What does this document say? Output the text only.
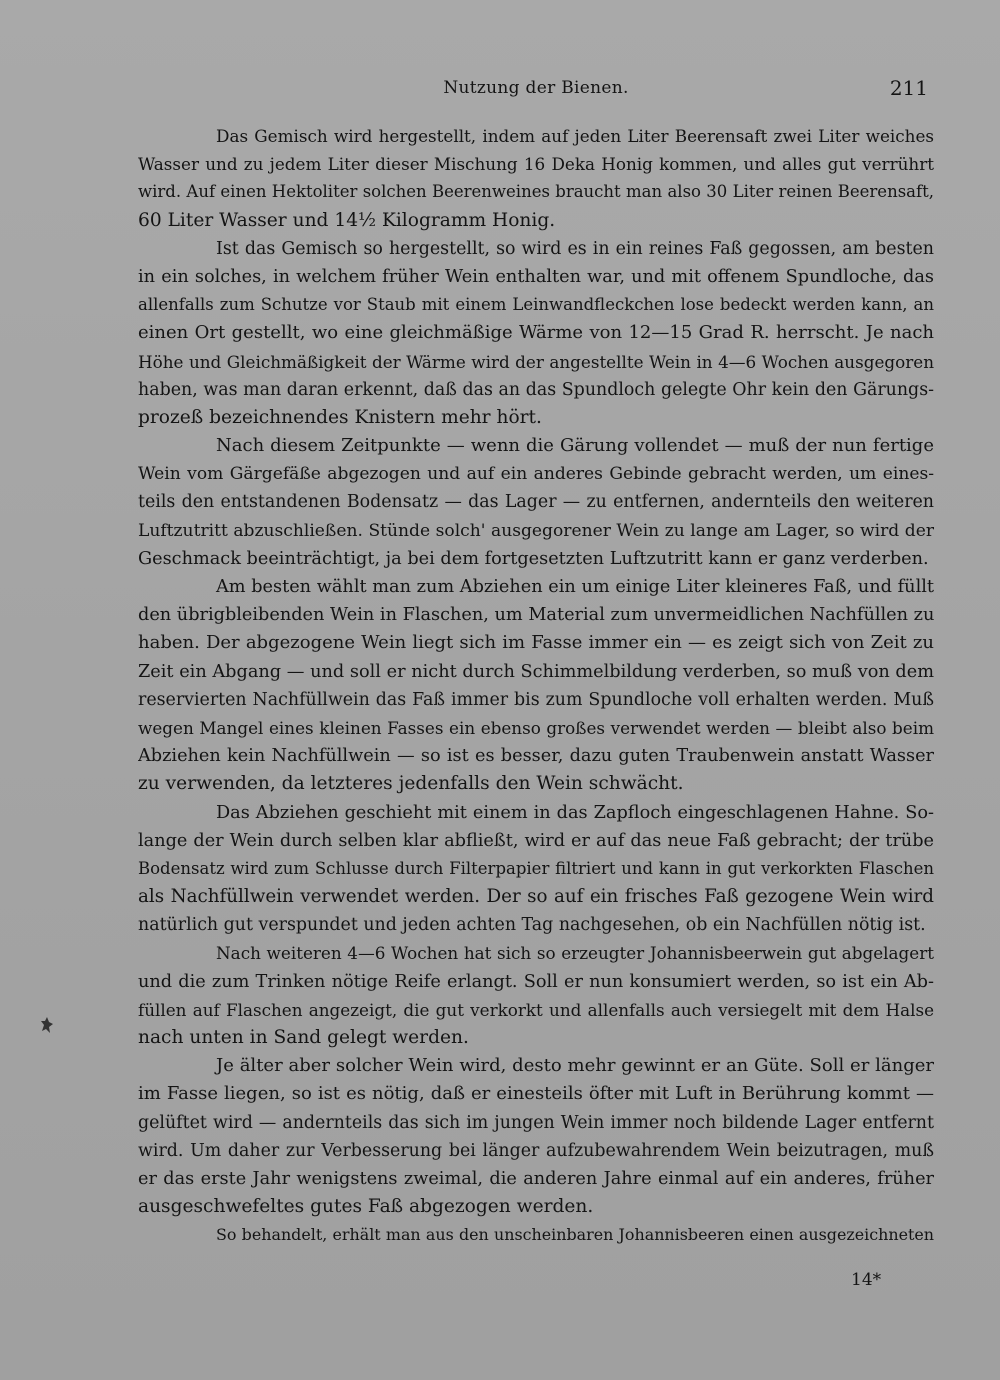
Nutzung der Bienen.	211
Das Gemisch wird hergestellt, indem auf jeden Liter Beerensaft zwei Liter weiches
Wasser und zu jedem Liter dieser Mischung 16 Deka Honig kommen, und alles gut verrührt
wird. Auf einen Hektoliter solchen Beerenweines braucht man also 30 Liter reinen Beerensaft,
60 Liter Wasser und 14½ Kilogramm Honig.
Ist das Gemisch so hergestellt, so wird es in ein reines Faß gegossen, am besten
in ein solches, in welchem früher Wein enthalten war, und mit offenem Spundloche, das
allenfalls zum Schutze vor Staub mit einem Leinwandfleckchen lose bedeckt werden kann, an
einen Ort gestellt, wo eine gleichmäßige Wärme von 12—15 Grad R. herrscht. Je nach
Höhe und Gleichmäßigkeit der Wärme wird der angestellte Wein in 4—6 Wochen ausgegoren
haben, was man daran erkennt, daß das an das Spundloch gelegte Ohr kein den Gärungs-
prozeß bezeichnendes Knistern mehr hört.
Nach diesem Zeitpunkte — wenn die Gärung vollendet — muß der nun fertige
Wein vom Gärgefäße abgezogen und auf ein anderes Gebinde gebracht werden, um eines-
teils den entstandenen Bodensatz — das Lager — zu entfernen, andernteils den weiteren
Luftzutritt abzuschließen. Stünde solch' ausgegorener Wein zu lange am Lager, so wird der
Geschmack beeinträchtigt, ja bei dem fortgesetzten Luftzutritt kann er ganz verderben.
Am besten wählt man zum Abziehen ein um einige Liter kleineres Faß, und füllt
den übrigbleibenden Wein in Flaschen, um Material zum unvermeidlichen Nachfüllen zu
haben. Der abgezogene Wein liegt sich im Fasse immer ein — es zeigt sich von Zeit zu
Zeit ein Abgang — und soll er nicht durch Schimmelbildung verderben, so muß von dem
reservierten Nachfüllwein das Faß immer bis zum Spundloche voll erhalten werden. Muß
wegen Mangel eines kleinen Fasses ein ebenso großes verwendet werden — bleibt also beim
Abziehen kein Nachfüllwein — so ist es besser, dazu guten Traubenwein anstatt Wasser
zu verwenden, da letzteres jedenfalls den Wein schwächt.
Das Abziehen geschieht mit einem in das Zapfloch eingeschlagenen Hahne. So-
lange der Wein durch selben klar abfließt, wird er auf das neue Faß gebracht; der trübe
Bodensatz wird zum Schlusse durch Filterpapier filtriert und kann in gut verkorkten Flaschen
als Nachfüllwein verwendet werden. Der so auf ein frisches Faß gezogene Wein wird
natürlich gut verspundet und jeden achten Tag nachgesehen, ob ein Nachfüllen nötig ist.
Nach weiteren 4—6 Wochen hat sich so erzeugter Johannisbeerwein gut abgelagert
und die zum Trinken nötige Reife erlangt. Soll er nun konsumiert werden, so ist ein Ab-
füllen auf Flaschen angezeigt, die gut verkorkt und allenfalls auch versiegelt mit dem Halse
nach unten in Sand gelegt werden.
Je älter aber solcher Wein wird, desto mehr gewinnt er an Güte. Soll er länger
im Fasse liegen, so ist es nötig, daß er einesteils öfter mit Luft in Berührung kommt —
gelüftet wird — andernteils das sich im jungen Wein immer noch bildende Lager entfernt
wird. Um daher zur Verbesserung bei länger aufzubewahrendem Wein beizutragen, muß
er das erste Jahr wenigstens zweimal, die anderen Jahre einmal auf ein anderes, früher
ausgeschwefeltes gutes Faß abgezogen werden.
So behandelt, erhält man aus den unscheinbaren Johannisbeeren einen ausgezeichneten
14*
